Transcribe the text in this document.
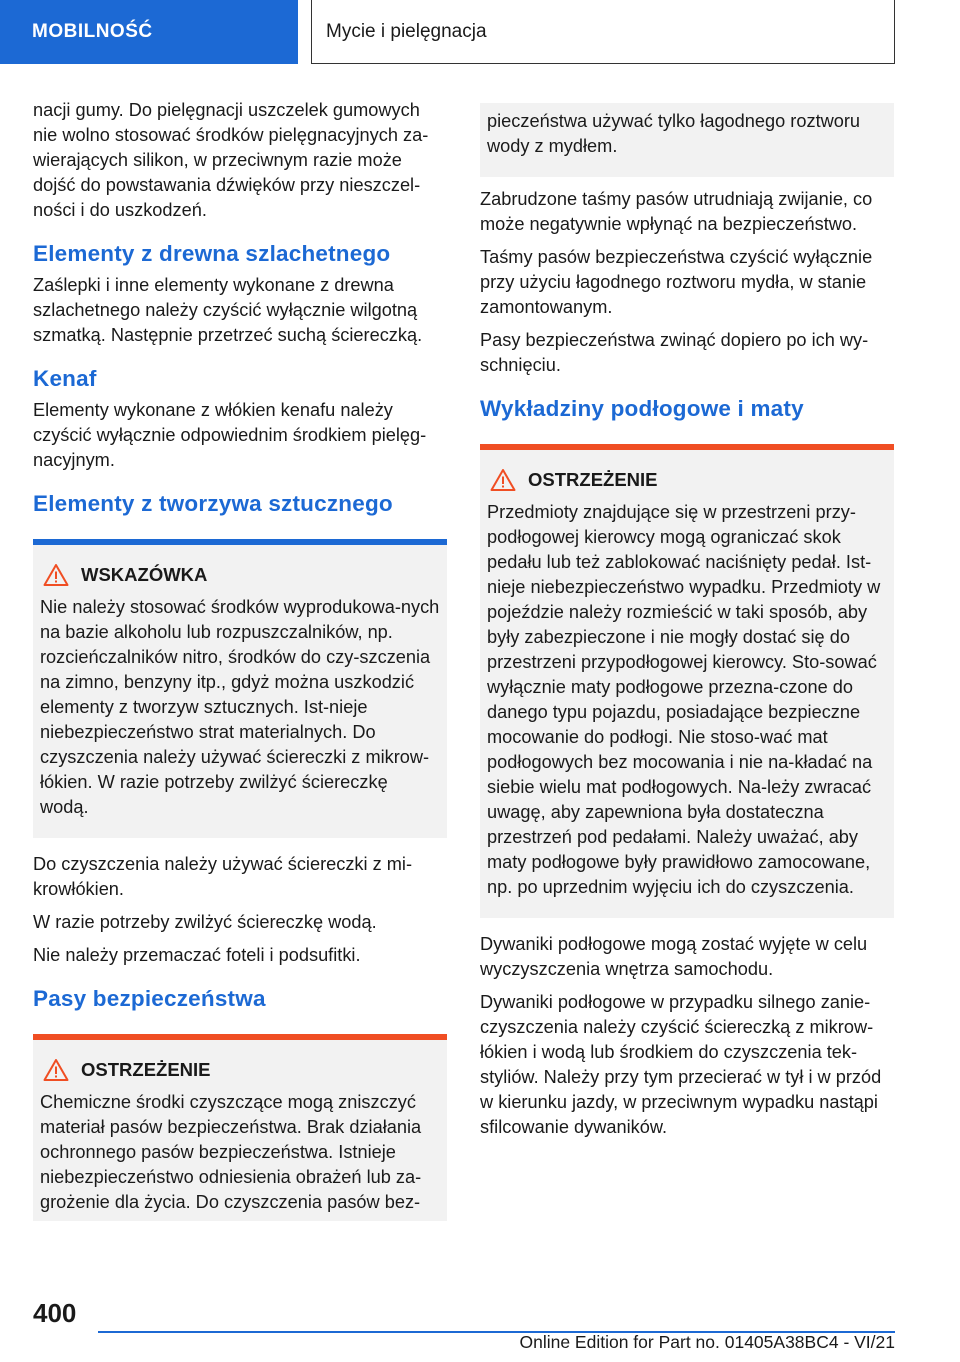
MOBILNOŚĆ	Mycie i pielęgnacja

nacji gumy. Do pielęgnacji uszczelek gumowych nie wolno stosować środków pielęgnacyjnych za-wierających silikon, w przeciwnym razie może dojść do powstawania dźwięków przy nieszczel-ności i do uszkodzeń.

Elementy z drewna szlachetnego

Zaślepki i inne elementy wykonane z drewna szlachetnego należy czyścić wyłącznie wilgotną szmatką. Następnie przetrzeć suchą ściereczką.

Kenaf

Elementy wykonane z włókien kenafu należy czyścić wyłącznie odpowiednim środkiem pielęg-nacyjnym.

Elementy z tworzywa sztucznego
WSKAZÓWKA

Nie należy stosować środków wyprodukowa-nych na bazie alkoholu lub rozpuszczalników, np. rozcieńczalników nitro, środków do czy-szczenia na zimno, benzyny itp., gdyż można uszkodzić elementy z tworzyw sztucznych. Ist-nieje niebezpieczeństwo strat materialnych. Do czyszczenia należy używać ściereczki z mikrow-łókien. W razie potrzeby zwilżyć ściereczkę wodą.

Do czyszczenia należy używać ściereczki z mi-krowłókien.

W razie potrzeby zwilżyć ściereczkę wodą.

Nie należy przemaczać foteli i podsufitki.

Pasy bezpieczeństwa
OSTRZEŻENIE

Chemiczne środki czyszczące mogą zniszczyć materiał pasów bezpieczeństwa. Brak działania ochronnego pasów bezpieczeństwa. Istnieje niebezpieczeństwo odniesienia obrażeń lub za-grożenie dla życia. Do czyszczenia pasów bez-

pieczeństwa używać tylko łagodnego roztworu wody z mydłem.

Zabrudzone taśmy pasów utrudniają zwijanie, co może negatywnie wpłynąć na bezpieczeństwo.

Taśmy pasów bezpieczeństwa czyścić wyłącznie przy użyciu łagodnego roztworu mydła, w stanie zamontowanym.

Pasy bezpieczeństwa zwinąć dopiero po ich wy-schnięciu.

Wykładziny podłogowe i maty
OSTRZEŻENIE

Przedmioty znajdujące się w przestrzeni przy-podłogowej kierowcy mogą ograniczać skok pedału lub też zablokować naciśnięty pedał. Ist-nieje niebezpieczeństwo wypadku. Przedmioty w pojeździe należy rozmieścić w taki sposób, aby były zabezpieczone i nie mogły dostać się do przestrzeni przypodłogowej kierowcy. Sto-sować wyłącznie maty podłogowe przezna-czone do danego typu pojazdu, posiadające bezpieczne mocowanie do podłogi. Nie stoso-wać mat podłogowych bez mocowania i nie na-kładać na siebie wielu mat podłogowych. Na-leży zwracać uwagę, aby zapewniona była dostateczna przestrzeń pod pedałami. Należy uważać, aby maty podłogowe były prawidłowo zamocowane, np. po uprzednim wyjęciu ich do czyszczenia.

Dywaniki podłogowe mogą zostać wyjęte w celu wyczyszczenia wnętrza samochodu.

Dywaniki podłogowe w przypadku silnego zanie-czyszczenia należy czyścić ściereczką z mikrow-łókien i wodą lub środkiem do czyszczenia tek-styliów. Należy przy tym przecierać w tył i w przód w kierunku jazdy, w przeciwnym wypadku nastąpi sfilcowanie dywaników.

400
Online Edition for Part no. 01405A38BC4 - VI/21
